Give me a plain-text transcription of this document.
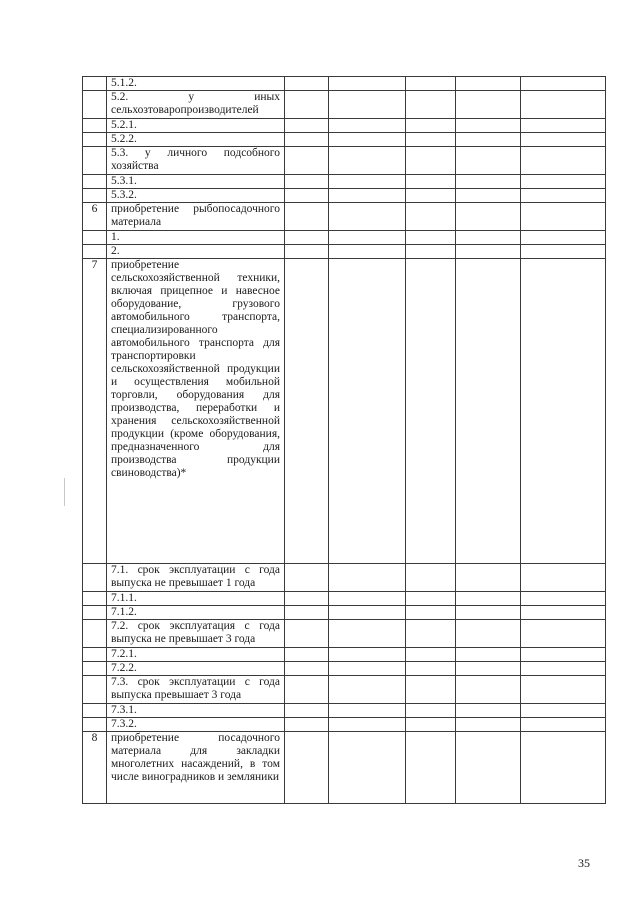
	5.1.2.					
	5.2. у иных сельхозтоваропроизводителей					
	5.2.1.					
	5.2.2.					
	5.3. у личного подсобного хозяйства					
	5.3.1.					
	5.3.2.					
6	приобретение рыбопосадочного материала					
	1.					
	2.					
7	приобретение сельскохозяйственной техники, включая прицепное и навесное оборудование, грузового автомобильного транспорта, специализированного автомобильного транспорта для транспортировки сельскохозяйственной продукции и осуществления мобильной торговли, оборудования для производства, переработки и хранения сельскохозяйственной продукции (кроме оборудования, предназначенного для производства продукции свиноводства)*					
	7.1. срок эксплуатации с года выпуска не превышает 1 года					
	7.1.1.					
	7.1.2.					
	7.2. срок эксплуатация с года выпуска не превышает 3 года					
	7.2.1.					
	7.2.2.					
	7.3. срок эксплуатации с года выпуска превышает 3 года					
	7.3.1.					
	7.3.2.					
8	приобретение посадочного материала для закладки многолетних насаждений, в том числе виноградников и земляники					
35
